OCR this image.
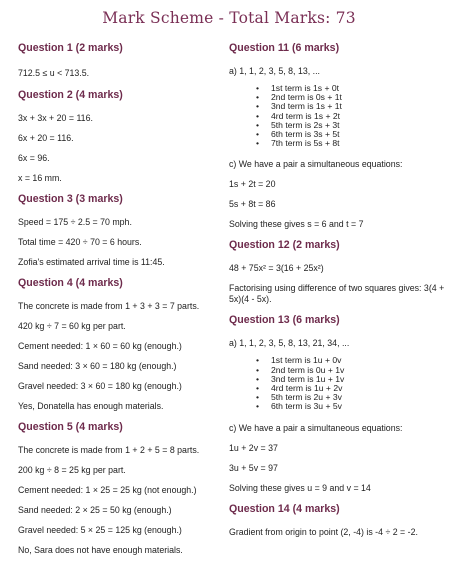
Mark Scheme - Total Marks: 73
Question 1 (2 marks)
712.5 ≤ u < 713.5.
Question 2 (4 marks)
3x + 3x + 20 = 116.
6x + 20 = 116.
6x = 96.
x = 16 mm.
Question 3 (3 marks)
Speed = 175 ÷ 2.5 = 70 mph.
Total time = 420 ÷ 70 = 6 hours.
Zofia's estimated arrival time is 11:45.
Question 4 (4 marks)
The concrete is made from 1 + 3 + 3 = 7 parts.
420 kg ÷ 7 = 60 kg per part.
Cement needed: 1 × 60 = 60 kg (enough.)
Sand needed: 3 × 60 = 180 kg (enough.)
Gravel needed: 3 × 60 = 180 kg (enough.)
Yes, Donatella has enough materials.
Question 5 (4 marks)
The concrete is made from 1 + 2 + 5 = 8 parts.
200 kg ÷ 8 = 25 kg per part.
Cement needed: 1 × 25 = 25 kg (not enough.)
Sand needed: 2 × 25 = 50 kg (enough.)
Gravel needed: 5 × 25 = 125 kg (enough.)
No, Sara does not have enough materials.
Question 11 (6 marks)
a) 1, 1, 2, 3, 5, 8, 13, ...
• 1st term is 1s + 0t
• 2nd term is 0s + 1t
• 3nd term is 1s + 1t
• 4rd term is 1s + 2t
• 5th term is 2s + 3t
• 6th term is 3s + 5t
• 7th term is 5s + 8t
c) We have a pair a simultaneous equations:
1s + 2t = 20
5s + 8t = 86
Solving these gives s = 6 and t = 7
Question 12 (2 marks)
48 + 75x² = 3(16 + 25x²)
Factorising using difference of two squares gives: 3(4 + 5x)(4 - 5x).
Question 13 (6 marks)
a) 1, 1, 2, 3, 5, 8, 13, 21, 34, ...
• 1st term is 1u + 0v
• 2nd term is 0u + 1v
• 3nd term is 1u + 1v
• 4rd term is 1u + 2v
• 5th term is 2u + 3v
• 6th term is 3u + 5v
c) We have a pair a simultaneous equations:
1u + 2v = 37
3u + 5v = 97
Solving these gives u = 9 and v = 14
Question 14 (4 marks)
Gradient from origin to point (2, -4) is -4 ÷ 2 = -2.
